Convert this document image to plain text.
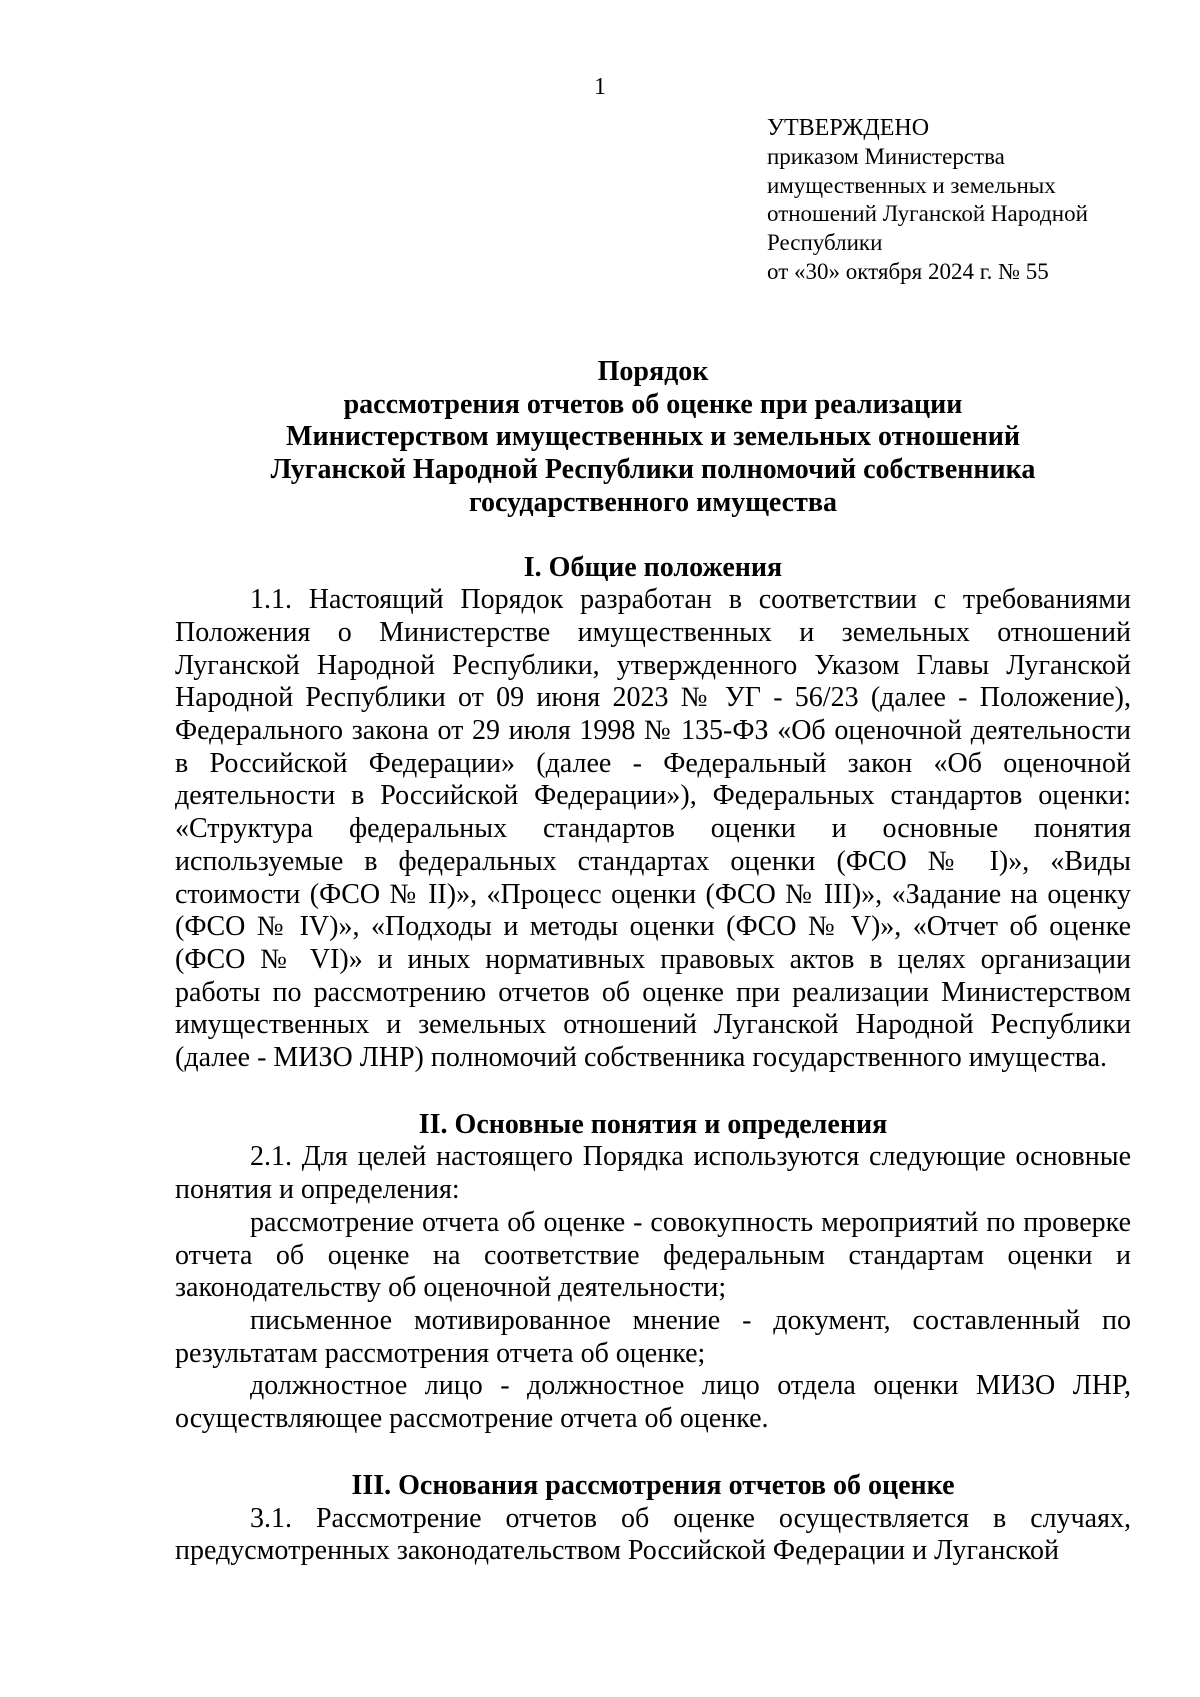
1
УТВЕРЖДЕНО
приказом Министерства
имущественных и земельных
отношений Луганской Народной
Республики
от «30» октября 2024 г. № 55
Порядок
рассмотрения отчетов об оценке при реализации
Министерством имущественных и земельных отношений
Луганской Народной Республики полномочий собственника
государственного имущества
I. Общие положения

1.1. Настоящий Порядок разработан в соответствии с требованиями Положения о Министерстве имущественных и земельных отношений Луганской Народной Республики, утвержденного Указом Главы Луганской Народной Республики от 09 июня 2023 № УГ - 56/23 (далее - Положение), Федерального закона от 29 июля 1998 № 135-ФЗ «Об оценочной деятельности в Российской Федерации» (далее - Федеральный закон «Об оценочной деятельности в Российской Федерации»), Федеральных стандартов оценки: «Структура федеральных стандартов оценки и основные понятия используемые в федеральных стандартах оценки (ФСО № I)», «Виды стоимости (ФСО № II)», «Процесс оценки (ФСО № III)», «Задание на оценку (ФСО № IV)», «Подходы и методы оценки (ФСО № V)», «Отчет об оценке (ФСО № VI)» и иных нормативных правовых актов в целях организации работы по рассмотрению отчетов об оценке при реализации Министерством имущественных и земельных отношений Луганской Народной Республики (далее - МИЗО ЛНР) полномочий собственника государственного имущества.

II. Основные понятия и определения

2.1. Для целей настоящего Порядка используются следующие основные понятия и определения:

рассмотрение отчета об оценке - совокупность мероприятий по проверке отчета об оценке на соответствие федеральным стандартам оценки и законодательству об оценочной деятельности;

письменное мотивированное мнение - документ, составленный по результатам рассмотрения отчета об оценке;

должностное лицо - должностное лицо отдела оценки МИЗО ЛНР, осуществляющее рассмотрение отчета об оценке.

III. Основания рассмотрения отчетов об оценке

3.1. Рассмотрение отчетов об оценке осуществляется в случаях, предусмотренных законодательством Российской Федерации и Луганской
